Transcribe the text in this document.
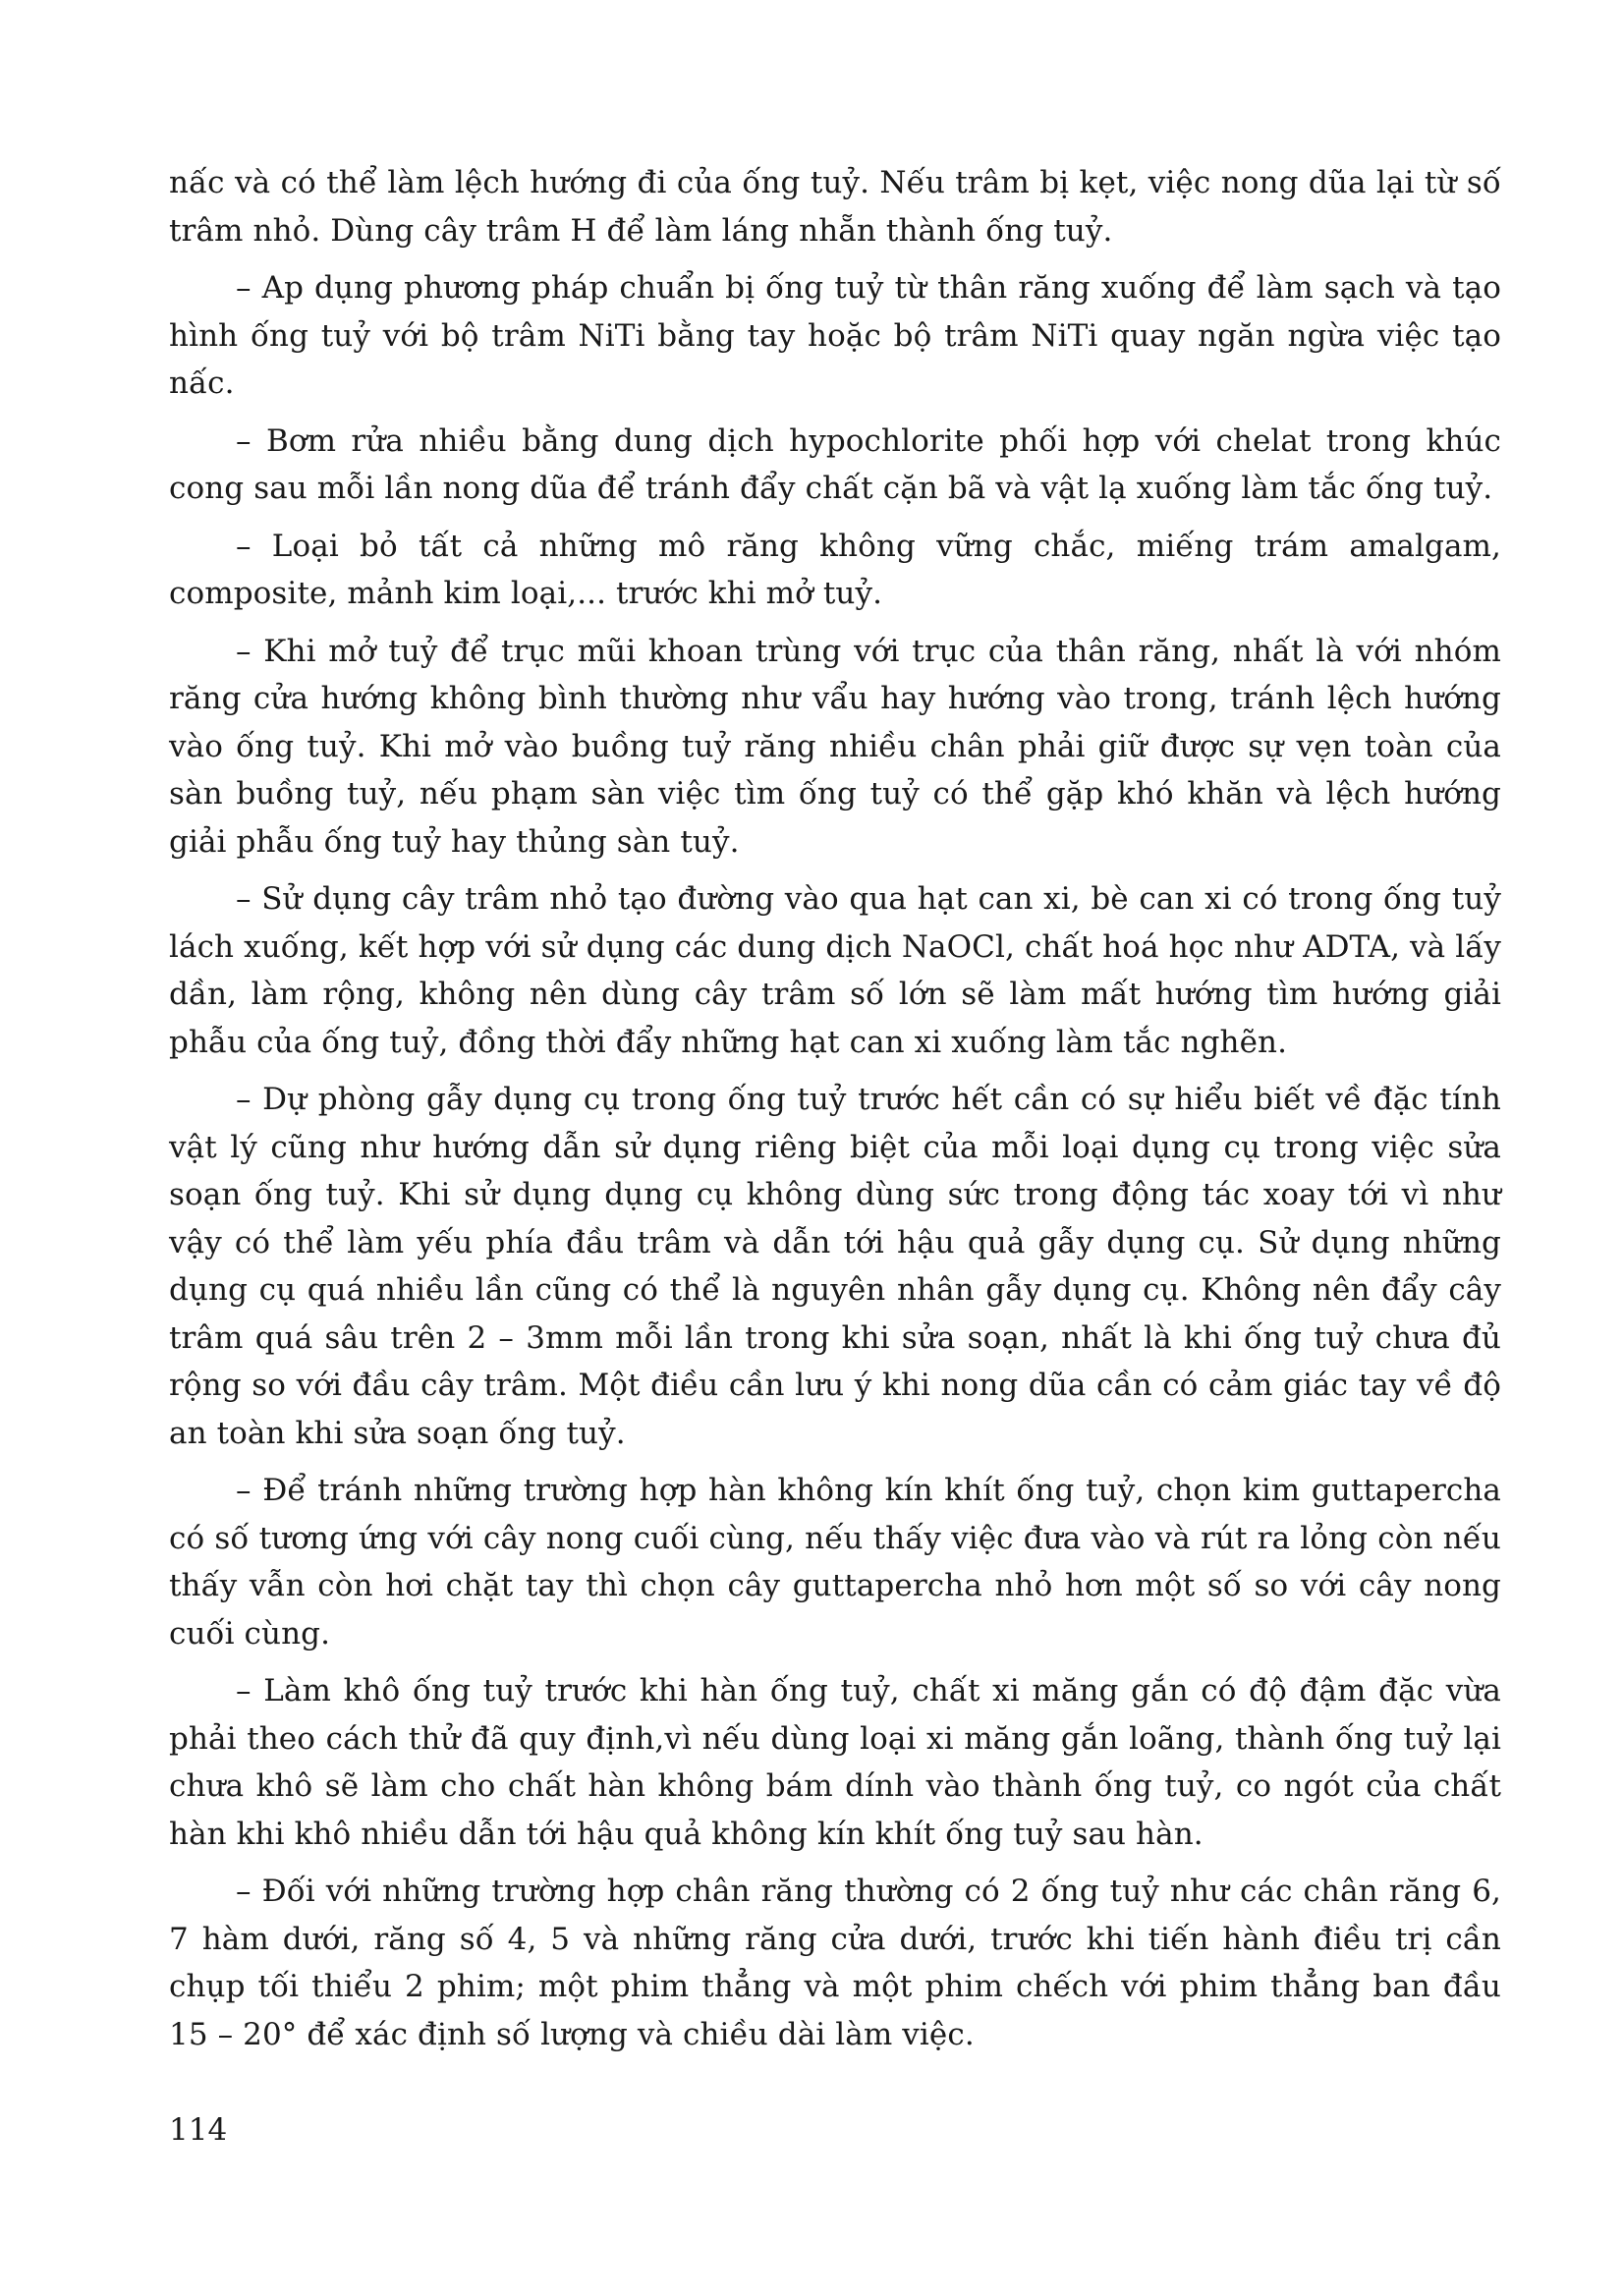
nấc và có thể làm lệch hướng đi của ống tuỷ. Nếu trâm bị kẹt, việc nong dũa lại từ số trâm nhỏ. Dùng cây trâm H để làm láng nhẵn thành ống tuỷ.

– Ap dụng phương pháp chuẩn bị ống tuỷ từ thân răng xuống để làm sạch và tạo hình ống tuỷ với bộ trâm NiTi bằng tay hoặc bộ trâm NiTi quay ngăn ngừa việc tạo nấc.

– Bơm rửa nhiều bằng dung dịch hypochlorite phối hợp với chelat trong khúc cong sau mỗi lần nong dũa để tránh đẩy chất cặn bã và vật lạ xuống làm tắc ống tuỷ.

– Loại bỏ tất cả những mô răng không vững chắc, miếng trám amalgam, composite, mảnh kim loại,... trước khi mở tuỷ.

– Khi mở tuỷ để trục mũi khoan trùng với trục của thân răng, nhất là với nhóm răng cửa hướng không bình thường như vẩu hay hướng vào trong, tránh lệch hướng vào ống tuỷ. Khi mở vào buồng tuỷ răng nhiều chân phải giữ được sự vẹn toàn của sàn buồng tuỷ, nếu phạm sàn việc tìm ống tuỷ có thể gặp khó khăn và lệch hướng giải phẫu ống tuỷ hay thủng sàn tuỷ.

– Sử dụng cây trâm nhỏ tạo đường vào qua hạt can xi, bè can xi có trong ống tuỷ lách xuống, kết hợp với sử dụng các dung dịch NaOCl, chất hoá học như ADTA, và lấy dần, làm rộng, không nên dùng cây trâm số lớn sẽ làm mất hướng tìm hướng giải phẫu của ống tuỷ, đồng thời đẩy những hạt can xi xuống làm tắc nghẽn.

– Dự phòng gẫy dụng cụ trong ống tuỷ trước hết cần có sự hiểu biết về đặc tính vật lý cũng như hướng dẫn sử dụng riêng biệt của mỗi loại dụng cụ trong việc sửa soạn ống tuỷ. Khi sử dụng dụng cụ không dùng sức trong động tác xoay tới vì như vậy có thể làm yếu phía đầu trâm và dẫn tới hậu quả gẫy dụng cụ. Sử dụng những dụng cụ quá nhiều lần cũng có thể là nguyên nhân gẫy dụng cụ. Không nên đẩy cây trâm quá sâu trên 2 – 3mm mỗi lần trong khi sửa soạn, nhất là khi ống tuỷ chưa đủ rộng so với đầu cây trâm. Một điều cần lưu ý khi nong dũa cần có cảm giác tay về độ an toàn khi sửa soạn ống tuỷ.

– Để tránh những trường hợp hàn không kín khít ống tuỷ, chọn kim guttapercha có số tương ứng với cây nong cuối cùng, nếu thấy việc đưa vào và rút ra lỏng còn nếu thấy vẫn còn hơi chặt tay thì chọn cây guttapercha nhỏ hơn một số so với cây nong cuối cùng.

– Làm khô ống tuỷ trước khi hàn ống tuỷ, chất xi măng gắn có độ đậm đặc vừa phải theo cách thử đã quy định,vì nếu dùng loại xi măng gắn loãng, thành ống tuỷ lại chưa khô sẽ làm cho chất hàn không bám dính vào thành ống tuỷ, co ngót của chất hàn khi khô nhiều dẫn tới hậu quả không kín khít ống tuỷ sau hàn.

– Đối với những trường hợp chân răng thường có 2 ống tuỷ như các chân răng 6, 7 hàm dưới, răng số 4, 5 và những răng cửa dưới, trước khi tiến hành điều trị cần chụp tối thiểu 2 phim; một phim thẳng và một phim chếch với phim thẳng ban đầu 15 – 20° để xác định số lượng và chiều dài làm việc.

114
